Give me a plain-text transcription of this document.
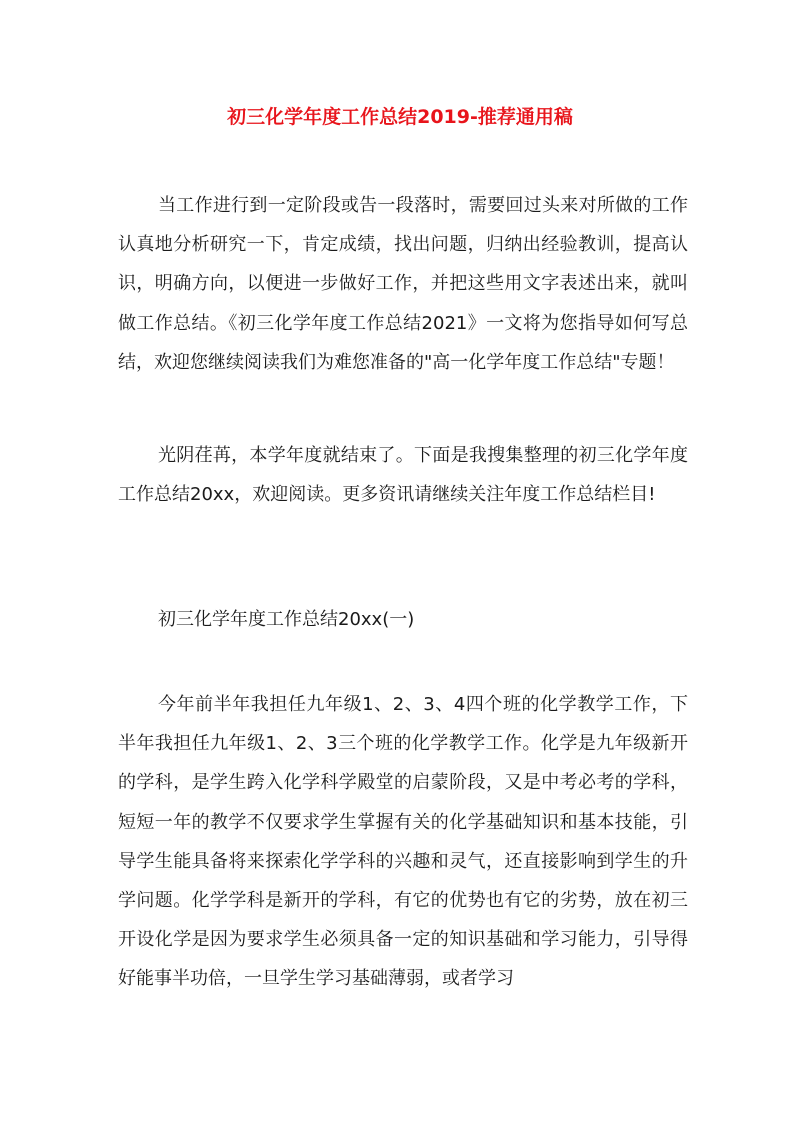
初三化学年度工作总结2019-推荐通用稿

当工作进行到一定阶段或告一段落时，需要回过头来对所做的工作认真地分析研究一下，肯定成绩，找出问题，归纳出经验教训，提高认识，明确方向，以便进一步做好工作，并把这些用文字表述出来，就叫做工作总结。《初三化学年度工作总结2021》一文将为您指导如何写总结，欢迎您继续阅读我们为难您准备的"高一化学年度工作总结"专题！

光阴荏苒，本学年度就结束了。下面是我搜集整理的初三化学年度工作总结20xx，欢迎阅读。更多资讯请继续关注年度工作总结栏目!

初三化学年度工作总结20xx(一)

今年前半年我担任九年级1、2、3、4四个班的化学教学工作，下半年我担任九年级1、2、3三个班的化学教学工作。化学是九年级新开的学科，是学生跨入化学科学殿堂的启蒙阶段，又是中考必考的学科，短短一年的教学不仅要求学生掌握有关的化学基础知识和基本技能，引导学生能具备将来探索化学学科的兴趣和灵气，还直接影响到学生的升学问题。化学学科是新开的学科，有它的优势也有它的劣势，放在初三开设化学是因为要求学生必须具备一定的知识基础和学习能力，引导得好能事半功倍，一旦学生学习基础薄弱，或者学习
